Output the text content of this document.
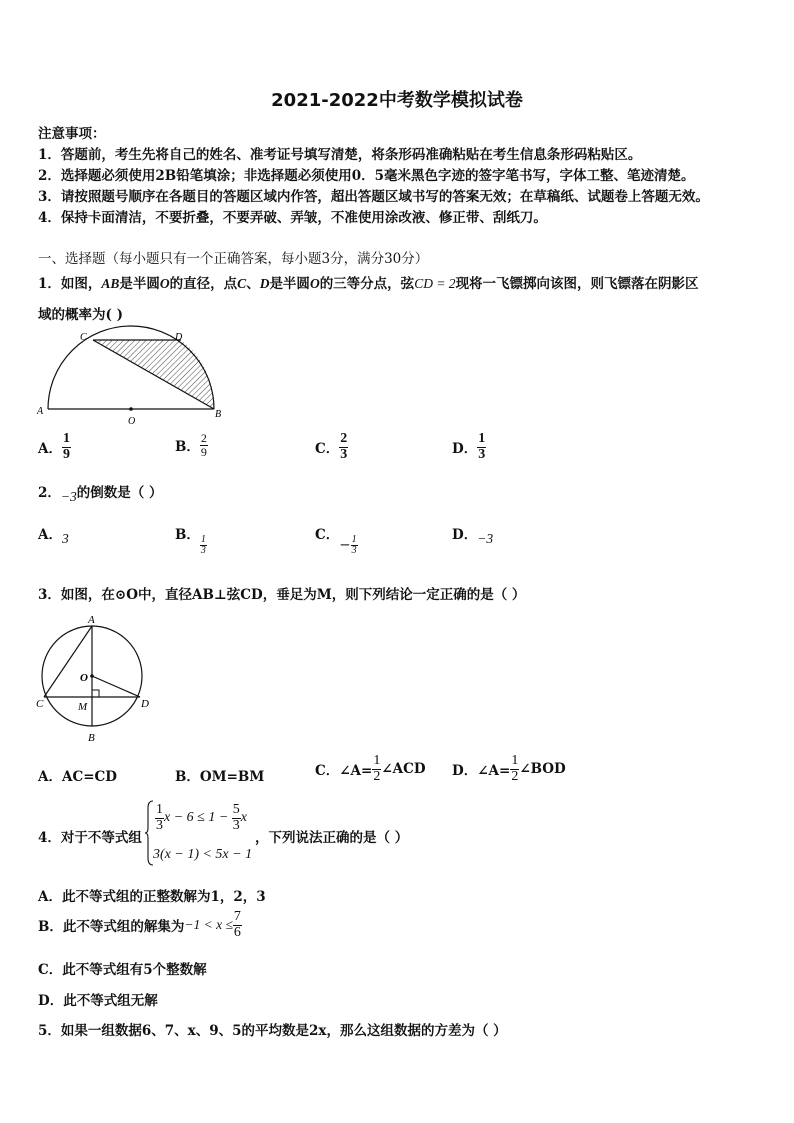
2021-2022中考数学模拟试卷
注意事项：
1．答题前，考生先将自己的姓名、准考证号填写清楚，将条形码准确粘贴在考生信息条形码粘贴区。
2．选择题必须使用2B铅笔填涂；非选择题必须使用0．5毫米黑色字迹的签字笔书写，字体工整、笔迹清楚。
3．请按照题号顺序在各题目的答题区域内作答，超出答题区域书写的答案无效；在草稿纸、试题卷上答题无效。
4．保持卡面清洁，不要折叠，不要弄破、弄皱，不准使用涂改液、修正带、刮纸刀。
一、选择题（每小题只有一个正确答案，每小题3分，满分30分）
1．如图，AB是半圆O的直径，点C、D是半圆O的三等分点，弦CD = 2现将一飞镖掷向该图，则飞镖落在阴影区
域的概率为( )
A	B
C	D
O
A． $\frac{1}{9}$	B． $\frac{2}{9}$	C． $\frac{2}{3}$	D． $\frac{1}{3}$
2．−3的倒数是（ ）
A．3	B． $\frac{1}{3}$	C．− $\frac{1}{3}$	D．−3
3．如图，在⊙O中，直径AB⊥弦CD，垂足为M，则下列结论一定正确的是（ ）
A
B
C	D
O
M
A．AC=CD	B．OM=BM	C．∠A= $\frac{1}{2}$ ∠ACD D．∠A= $\frac{1}{2}$ ∠BOD
4．对于不等式组
$\frac{1}{3}$ $x - 6 \le 1 - \frac{5}{3}$ x
3(x − 1) < 5x − 1
，下列说法正确的是（ ）
A．此不等式组的正整数解为1，2，3
B．此不等式组的解集为$-1 < x \le \frac{7}{6}$
C．此不等式组有5个整数解
D．此不等式组无解
5．如果一组数据6、7、x、9、5的平均数是2x，那么这组数据的方差为（ ）
